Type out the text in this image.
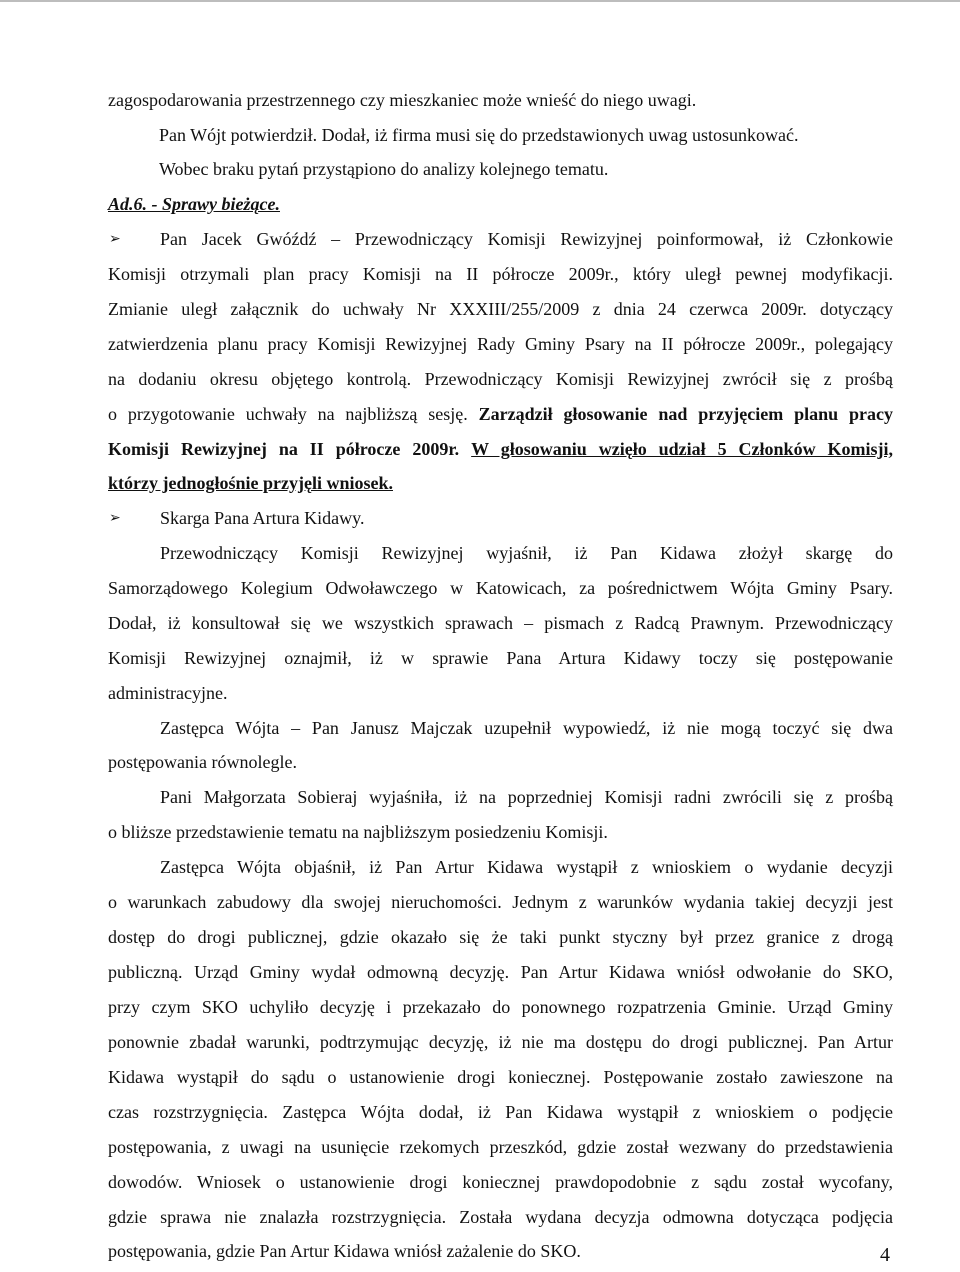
zagospodarowania przestrzennego czy mieszkaniec może wnieść do niego uwagi.
Pan Wójt potwierdził. Dodał, iż firma musi się do przedstawionych uwag ustosunkować.
Wobec braku pytań przystąpiono do analizy kolejnego tematu.
Ad.6. - Sprawy bieżące.
➢ Pan Jacek Gwóźdź – Przewodniczący Komisji Rewizyjnej poinformował, iż Członkowie
Komisji otrzymali plan pracy Komisji na II półrocze 2009r., który uległ pewnej modyfikacji.
Zmianie uległ załącznik do uchwały Nr XXXIII/255/2009 z dnia 24 czerwca 2009r. dotyczący
zatwierdzenia planu pracy Komisji Rewizyjnej Rady Gminy Psary na II półrocze 2009r., polegający
na dodaniu okresu objętego kontrolą. Przewodniczący Komisji Rewizyjnej zwrócił się z prośbą
o przygotowanie uchwały na najbliższą sesję. Zarządził głosowanie nad przyjęciem planu pracy
Komisji Rewizyjnej na II półrocze 2009r. W głosowaniu wzięło udział 5 Członków Komisji,
którzy jednogłośnie przyjęli wniosek.
➢ Skarga Pana Artura Kidawy.
Przewodniczący Komisji Rewizyjnej wyjaśnił, iż Pan Kidawa złożył skargę do
Samorządowego Kolegium Odwoławczego w Katowicach, za pośrednictwem Wójta Gminy Psary.
Dodał, iż konsultował się we wszystkich sprawach – pismach z Radcą Prawnym. Przewodniczący
Komisji Rewizyjnej oznajmił, iż w sprawie Pana Artura Kidawy toczy się postępowanie
administracyjne.
Zastępca Wójta – Pan Janusz Majczak uzupełnił wypowiedź, iż nie mogą toczyć się dwa
postępowania równolegle.
Pani Małgorzata Sobieraj wyjaśniła, iż na poprzedniej Komisji radni zwrócili się z prośbą
o bliższe przedstawienie tematu na najbliższym posiedzeniu Komisji.
Zastępca Wójta objaśnił, iż Pan Artur Kidawa wystąpił z wnioskiem o wydanie decyzji
o warunkach zabudowy dla swojej nieruchomości. Jednym z warunków wydania takiej decyzji jest
dostęp do drogi publicznej, gdzie okazało się że taki punkt styczny był przez granice z drogą
publiczną. Urząd Gminy wydał odmowną decyzję. Pan Artur Kidawa wniósł odwołanie do SKO,
przy czym SKO uchyliło decyzję i przekazało do ponownego rozpatrzenia Gminie. Urząd Gminy
ponownie zbadał warunki, podtrzymując decyzję, iż nie ma dostępu do drogi publicznej. Pan Artur
Kidawa wystąpił do sądu o ustanowienie drogi koniecznej. Postępowanie zostało zawieszone na
czas rozstrzygnięcia. Zastępca Wójta dodał, iż Pan Kidawa wystąpił z wnioskiem o podjęcie
postępowania, z uwagi na usunięcie rzekomych przeszkód, gdzie został wezwany do przedstawienia
dowodów. Wniosek o ustanowienie drogi koniecznej prawdopodobnie z sądu został wycofany,
gdzie sprawa nie znalazła rozstrzygnięcia. Została wydana decyzja odmowna dotycząca podjęcia
postępowania, gdzie Pan Artur Kidawa wniósł zażalenie do SKO.	4
